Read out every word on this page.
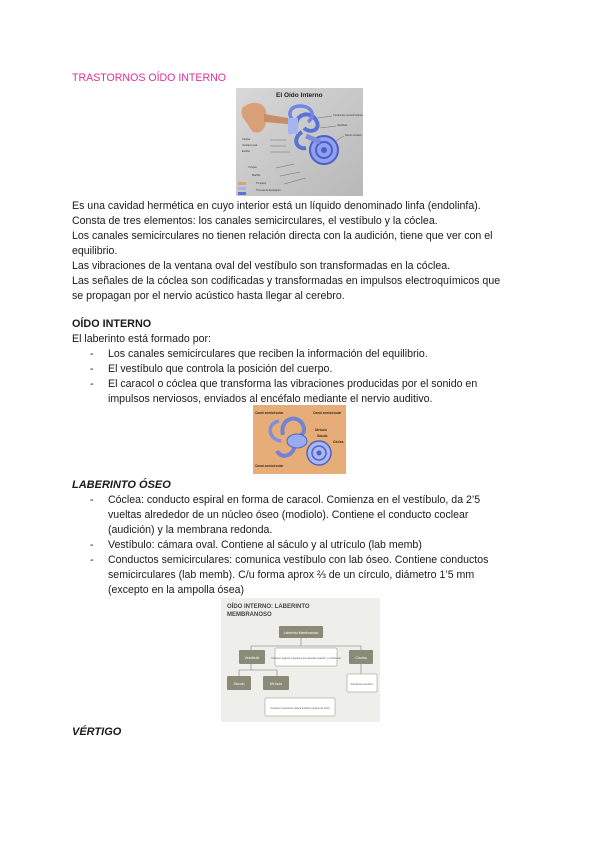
TRASTORNOS OÍDO INTERNO
El Oído Interno
Conductos semicirculares
Vestíbulo
Nervio coclear
Cóclea
Ventana oval
Estribo
Yunque
Martillo
Tímpano
Trompa de Eustaquio
Es una cavidad hermética en cuyo interior está un líquido denominado linfa (endolinfa).
Consta de tres elementos: los canales semicirculares, el vestíbulo y la cóclea.
Los canales semicirculares no tienen relación directa con la audición, tiene que ver con el
equilibrio.
Las vibraciones de la ventana oval del vestíbulo son transformadas en la cóclea.
Las señales de la cóclea son codificadas y transformadas en impulsos electroquímicos que
se propagan por el nervio acústico hasta llegar al cerebro.
OÍDO INTERNO
El laberinto está formado por:
- Los canales semicirculares que reciben la información del equilibrio.
- El vestíbulo que controla la posición del cuerpo.
- El caracol o cóclea que transforma las vibraciones producidas por el sonido en
impulsos nerviosos, enviados al encéfalo mediante el nervio auditivo.
Canal semicircular	Canal semicircular
Utrículo
Sáculo
Cóclea
Canal semicircular
LABERINTO ÓSEO
- Cóclea: conducto espiral en forma de caracol. Comienza en el vestíbulo, da 2’5
vueltas alrededor de un núcleo óseo (modiolo). Contiene el conducto coclear
(audición) y la membrana redonda.
- Vestíbulo: cámara oval. Contiene al sáculo y al utrículo (lab memb)
- Conductos semicirculares: comunica vestíbulo con lab óseo. Contiene conductos
semicirculares (lab memb). C/u forma aprox ⅔ de un círculo, diámetro 1’5 mm
(excepto en la ampolla ósea)
OÍDO INTERNO: LABERINTO
MEMBRANOSO
Laberinto Membranoso
Vestíbulo	Contiene órganos receptores que detectan posición y movimiento	Cóclea
Sáculo	Utrículo	Conductos semicirc.
Contienen receptores para la audición (órgano de Corti)
VÉRTIGO
